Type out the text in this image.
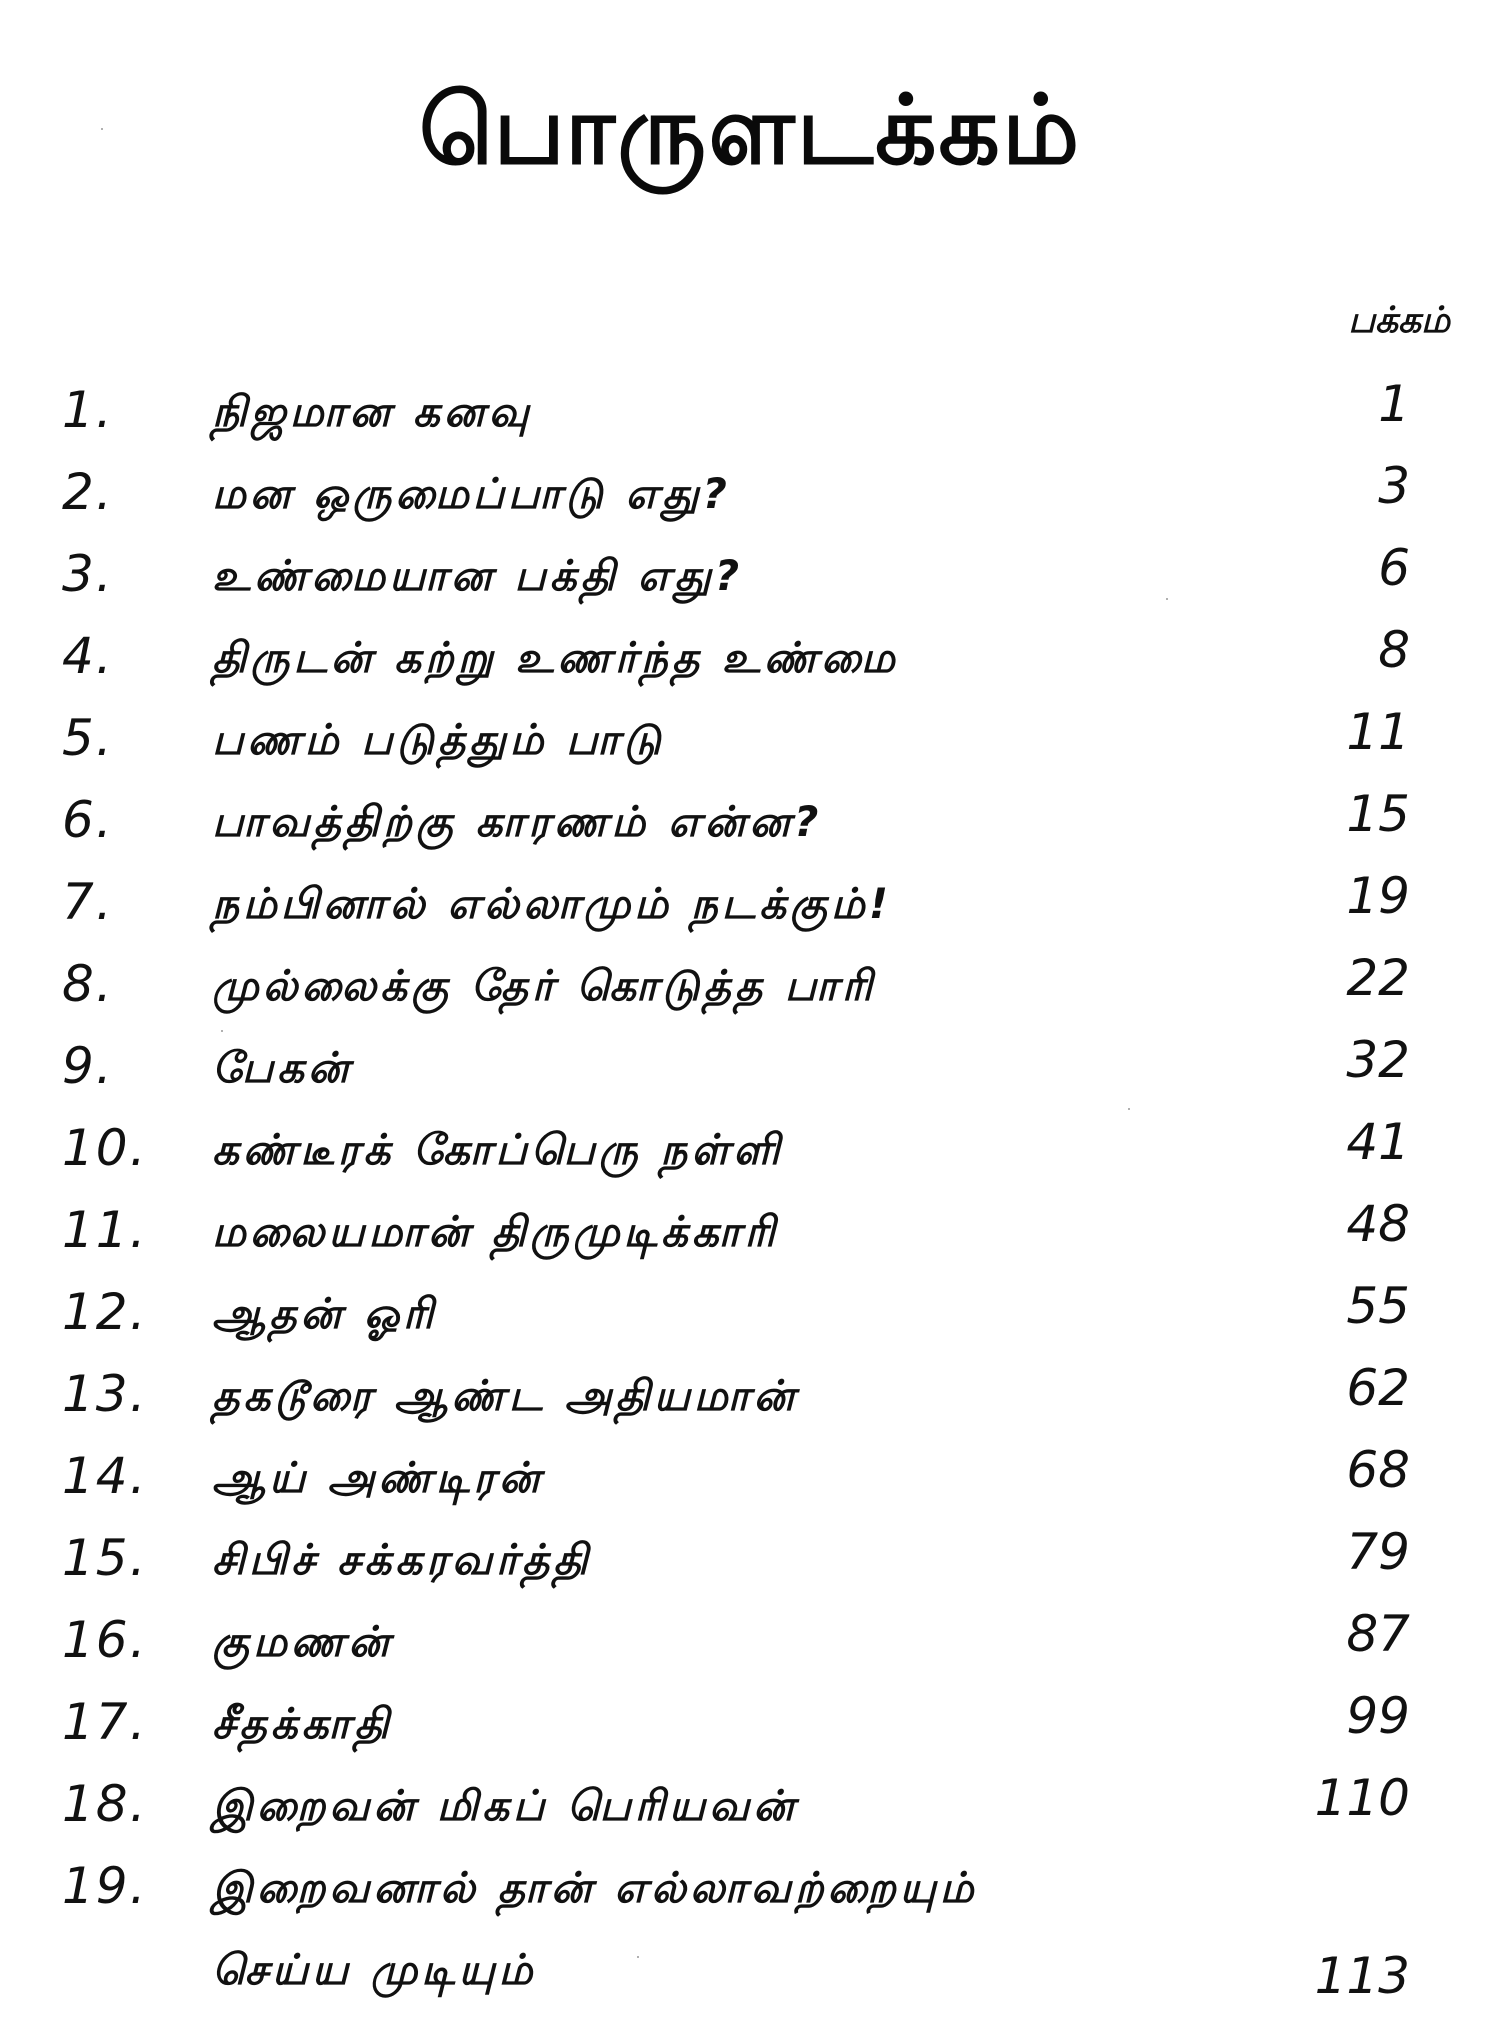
பொருளடக்கம்
பக்கம்
1. நிஜமான கனவு	1
2. மன ஒருமைப்பாடு எது?	3
3. உண்மையான பக்தி எது?	6
4. திருடன் கற்று உணர்ந்த உண்மை	8
5. பணம் படுத்தும் பாடு	11
6. பாவத்திற்கு காரணம் என்ன?	15
7. நம்பினால் எல்லாமும் நடக்கும்!	19
8. முல்லைக்கு தேர் கொடுத்த பாரி	22
9. பேகன்	32
10. கண்டீரக் கோப்பெரு நள்ளி	41
11. மலையமான் திருமுடிக்காரி	48
12. ஆதன் ஓரி	55
13. தகடூரை ஆண்ட அதியமான்	62
14. ஆய் அண்டிரன்	68
15. சிபிச் சக்கரவர்த்தி	79
16. குமணன்	87
17. சீதக்காதி	99
18. இறைவன் மிகப் பெரியவன்	110
19. இறைவனால் தான் எல்லாவற்றையும்
செய்ய முடியும்	113
